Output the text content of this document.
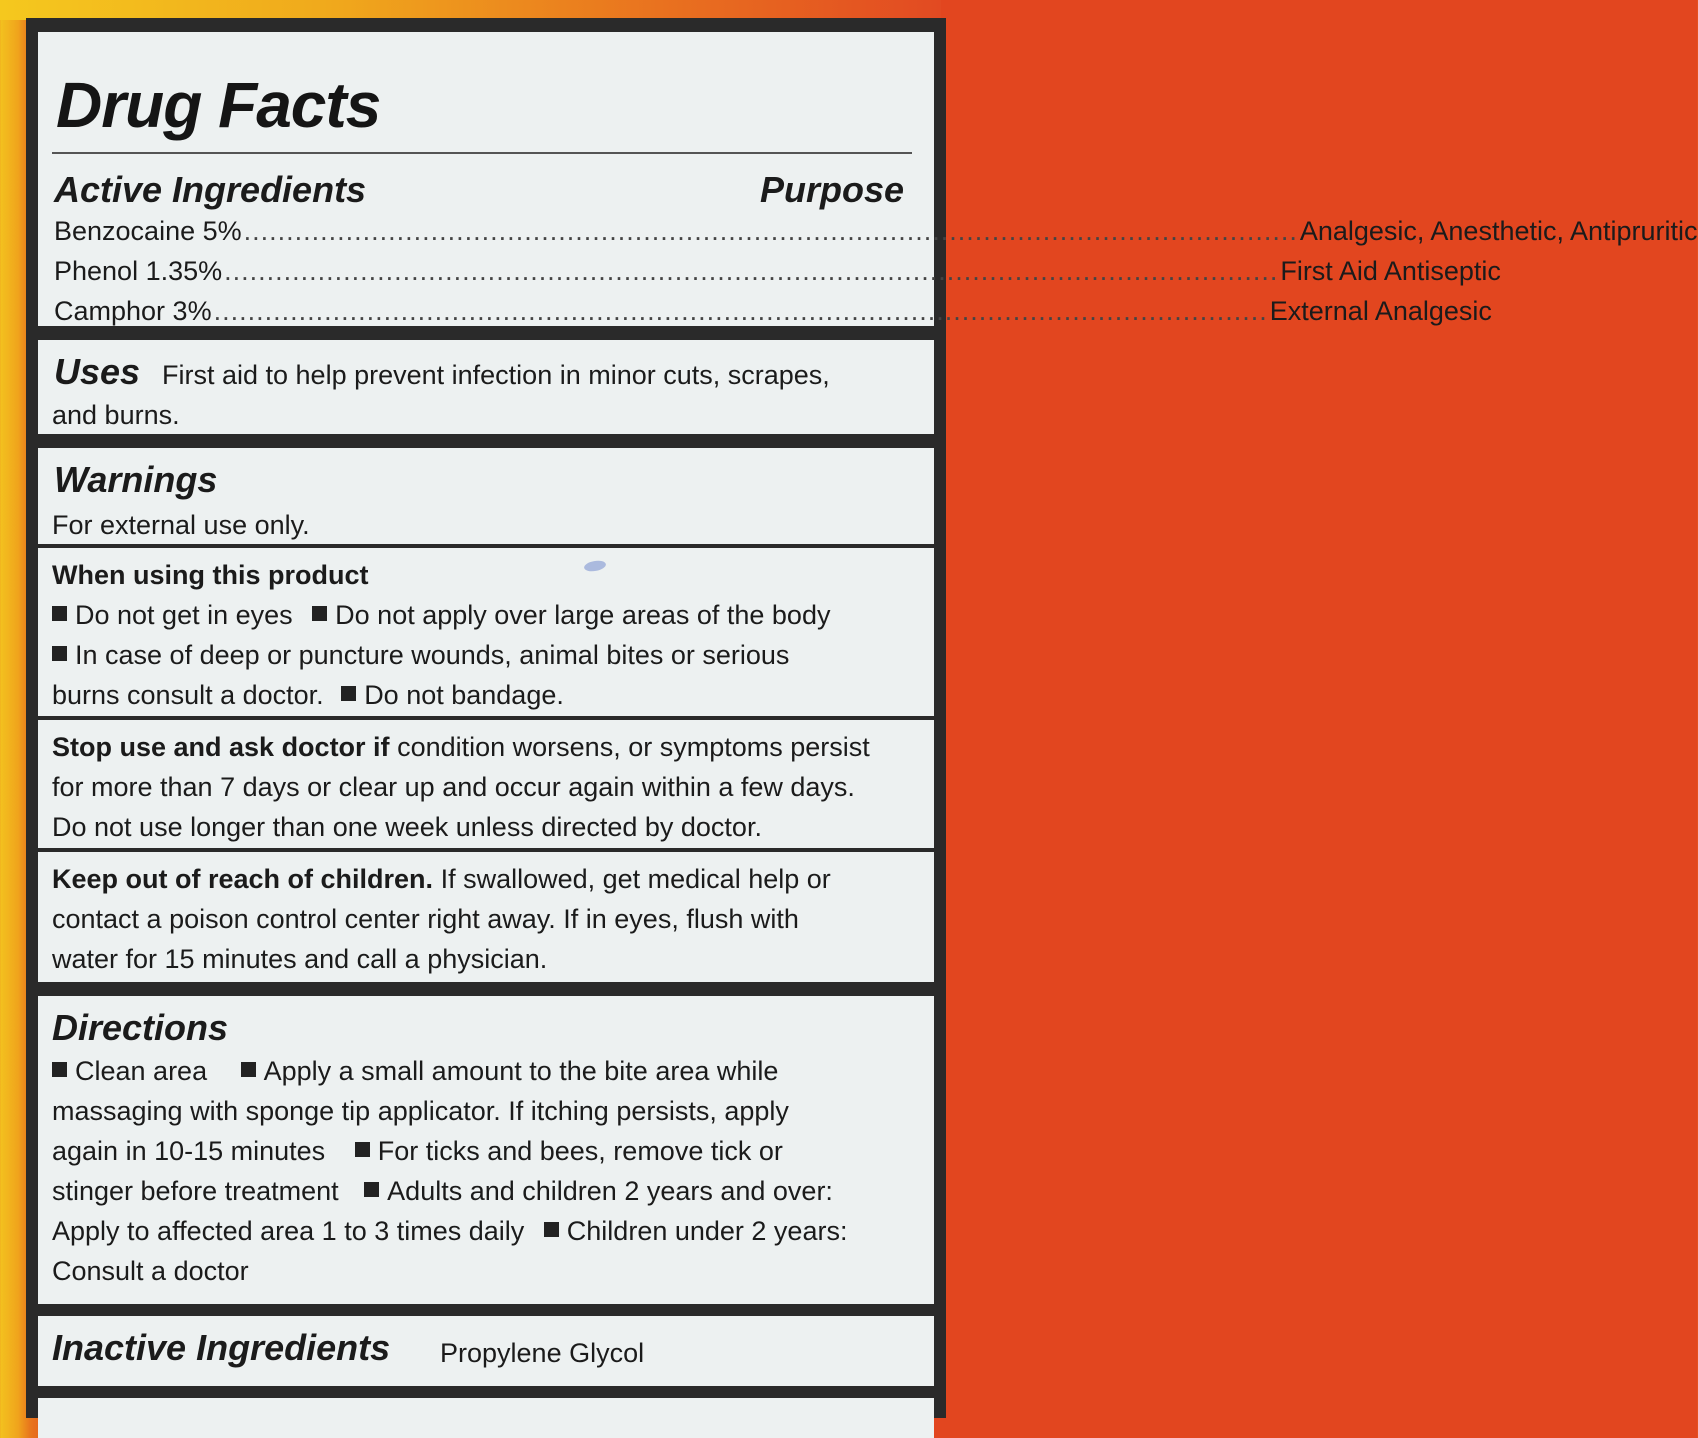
Drug Facts
Active Ingredients	Purpose
Benzocaine 5% ............................................................................................................................ Analgesic, Anesthetic, Antipruritic
Phenol 1.35% ............................................................................................................................ First Aid Antiseptic
Camphor 3% ............................................................................................................................ External Analgesic
Uses First aid to help prevent infection in minor cuts, scrapes,
and burns.
Warnings
For external use only.
When using this product
Do not get in eyes Do not apply over large areas of the body
In case of deep or puncture wounds, animal bites or serious
burns consult a doctor. Do not bandage.
Stop use and ask doctor if condition worsens, or symptoms persist
for more than 7 days or clear up and occur again within a few days.
Do not use longer than one week unless directed by doctor.
Keep out of reach of children. If swallowed, get medical help or
contact a poison control center right away. If in eyes, flush with
water for 15 minutes and call a physician.
Directions
Clean area Apply a small amount to the bite area while
massaging with sponge tip applicator. If itching persists, apply
again in 10-15 minutes For ticks and bees, remove tick or
stinger before treatment Adults and children 2 years and over:
Apply to affected area 1 to 3 times daily Children under 2 years:
Consult a doctor
Inactive Ingredients Propylene Glycol
